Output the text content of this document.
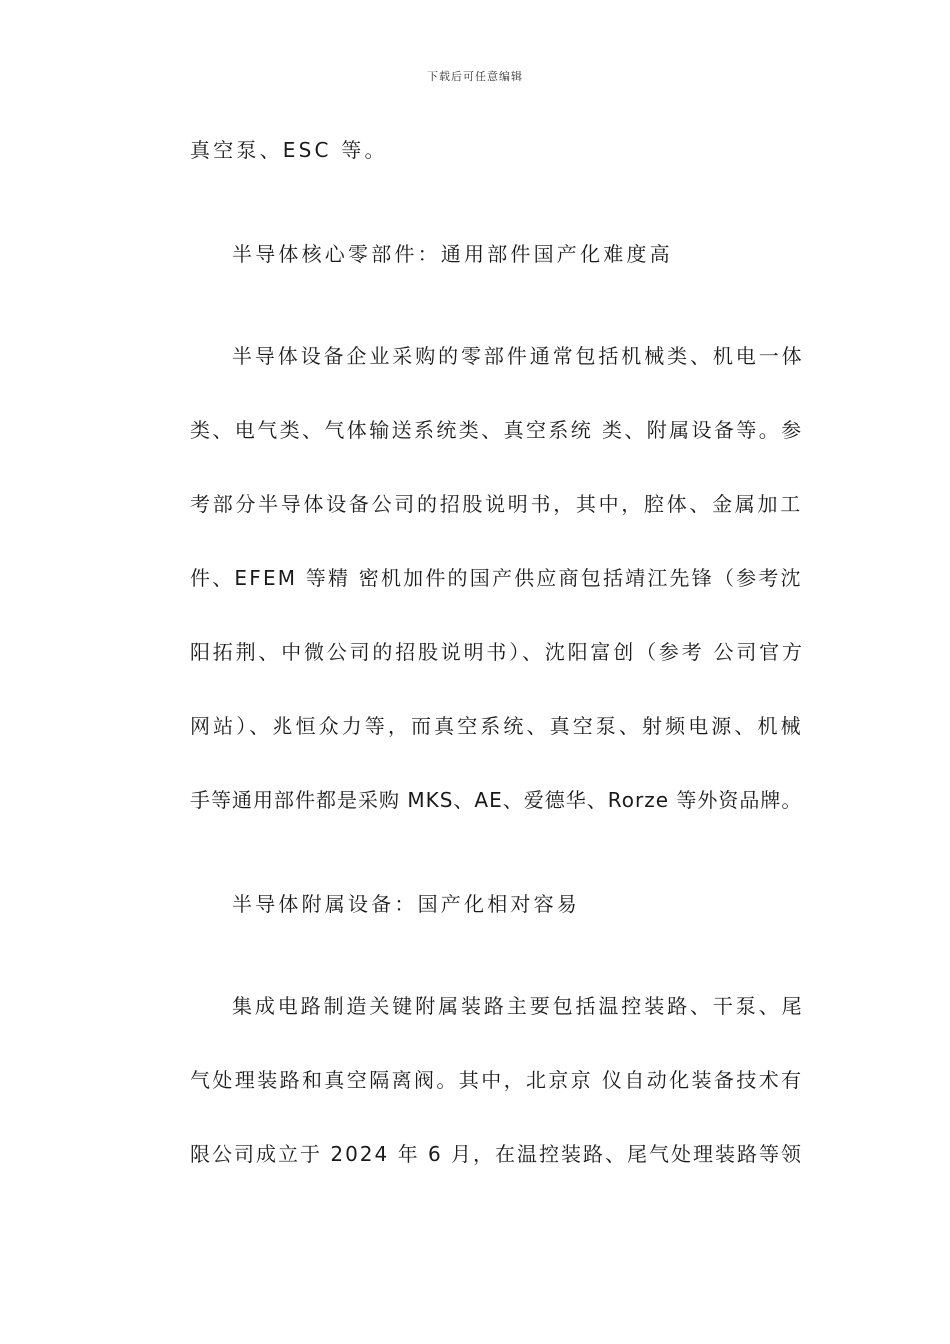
下载后可任意编辑
真空泵、ESC 等。
半导体核心零部件：通用部件国产化难度高
半导体设备企业采购的零部件通常包括机械类、机电一体
类、电气类、气体输送系统类、真空系统 类、附属设备等。参
考部分半导体设备公司的招股说明书，其中，腔体、金属加工
件、EFEM 等精 密机加件的国产供应商包括靖江先锋（参考沈
阳拓荆、中微公司的招股说明书）、沈阳富创（参考 公司官方
网站）、兆恒众力等，而真空系统、真空泵、射频电源、机械
手等通用部件都是采购 MKS、AE、爱德华、Rorze 等外资品牌。
半导体附属设备：国产化相对容易
集成电路制造关键附属装路主要包括温控装路、干泵、尾
气处理装路和真空隔离阀。其中，北京京 仪自动化装备技术有
限公司成立于 2024 年 6 月，在温控装路、尾气处理装路等领
